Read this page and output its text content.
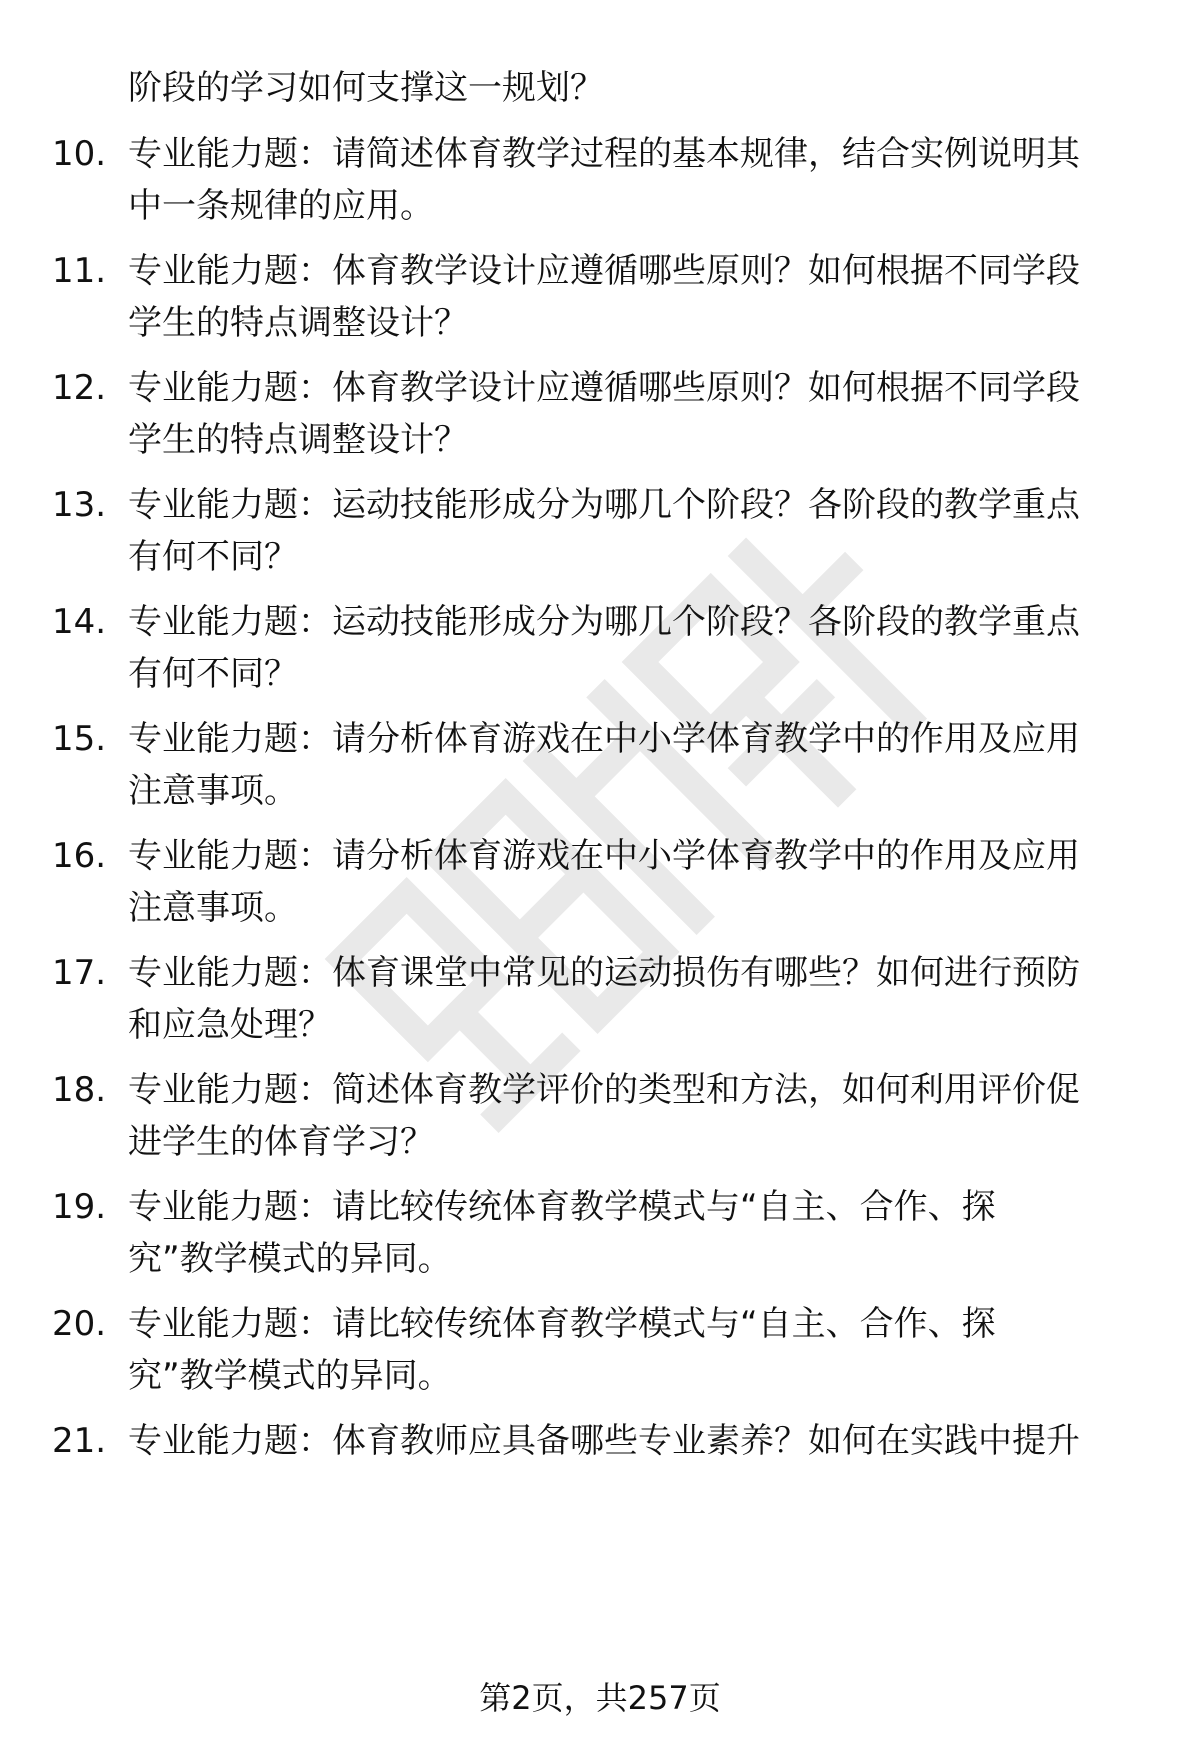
阶段的学习如何支撑这一规划？
10. 专业能力题：请简述体育教学过程的基本规律，结合实例说明其
中一条规律的应用。
11. 专业能力题：体育教学设计应遵循哪些原则？如何根据不同学段
学生的特点调整设计？
12. 专业能力题：体育教学设计应遵循哪些原则？如何根据不同学段
学生的特点调整设计？
13. 专业能力题：运动技能形成分为哪几个阶段？各阶段的教学重点
有何不同？
14. 专业能力题：运动技能形成分为哪几个阶段？各阶段的教学重点
有何不同？
15. 专业能力题：请分析体育游戏在中小学体育教学中的作用及应用
注意事项。
16. 专业能力题：请分析体育游戏在中小学体育教学中的作用及应用
注意事项。
17. 专业能力题：体育课堂中常见的运动损伤有哪些？如何进行预防
和应急处理？
18. 专业能力题：简述体育教学评价的类型和方法，如何利用评价促
进学生的体育学习？
19. 专业能力题：请比较传统体育教学模式与“自主、合作、探
究”教学模式的异同。
20. 专业能力题：请比较传统体育教学模式与“自主、合作、探
究”教学模式的异同。
21. 专业能力题：体育教师应具备哪些专业素养？如何在实践中提升
第2页，共257页
